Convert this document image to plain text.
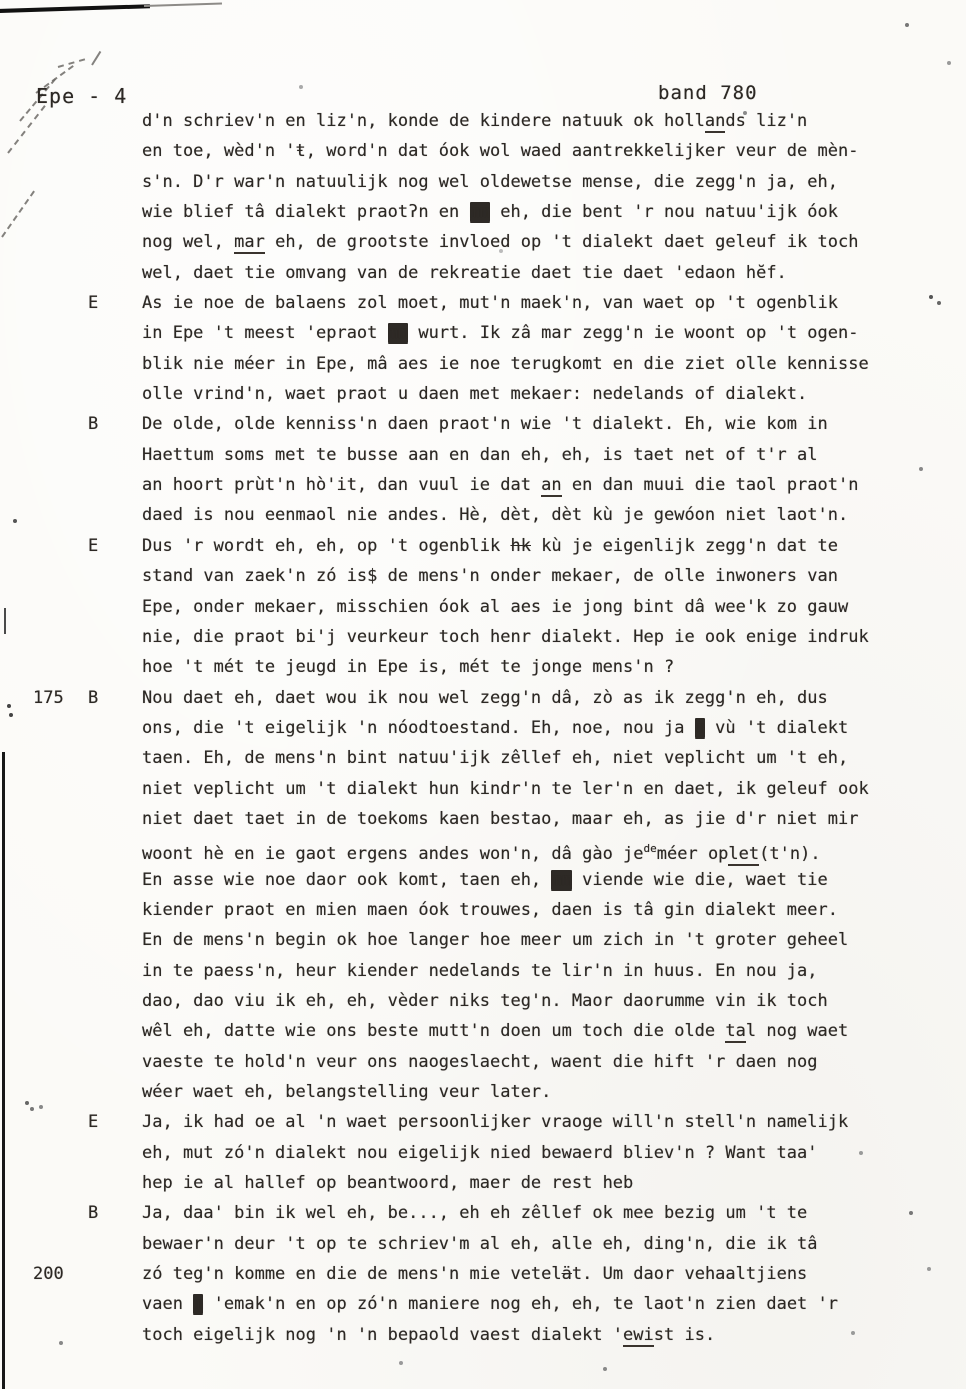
Epe - 4	band 780
d'n schriev'n en liz'n, konde de kindere natuuk ok hollands liz'n
en toe, wèd'n 'ŧ, word'n dat óok wol waed aantrekkelijker veur de mèn-
s'n. D'r war'n natuulijk nog wel oldewetse mense, die zegg'n ja, eh,
wie blief tâ dialekt praotʔn en mm eh, die bent 'r nou natuu'ijk óok
nog wel, mar eh, de grootste invloed op 't dialekt daet geleuf ik toch
wel, daet tie omvang van de rekreatie daet tie daet 'edaon hĕf.
E	As ie noe de balaens zol moet, mut'n maek'n, van waet op 't ogenblik
in Epe 't meest 'epraot mm wurt. Ik zâ mar zegg'n ie woont op 't ogen-
blik nie méer in Epe, mâ aes ie noe terugkomt en die ziet olle kennisse
olle vrind'n, waet praot u daen met mekaer: nedelands of dialekt.
B	De olde, olde kenniss'n daen praot'n wie 't dialekt. Eh, wie kom in
Haettum soms met te busse aan en dan eh, eh, is taet net of t'r al
an hoort prùt'n hò'it, dan vuul ie dat an en dan muui die taol praot'n
daed is nou eenmaol nie andes. Hè, dèt, dèt kù je gewóon niet laot'n.
E	Dus 'r wordt eh, eh, op 't ogenblik hk kù je eigenlijk zegg'n dat te
stand van zaek'n zó is$ de mens'n onder mekaer, de olle inwoners van
Epe, onder mekaer, misschien óok al aes ie jong bint dâ wee'k zo gauw
nie, die praot bi'j veurkeur toch henr dialekt. Hep ie ook enige indruk
hoe 't mét te jeugd in Epe is, mét te jonge mens'n ?
175 B	Nou daet eh, daet wou ik nou wel zegg'n dâ, zò as ik zegg'n eh, dus
ons, die 't eigelijk 'n nóodtoestand. Eh, noe, nou ja m vù 't dialekt
taen. Eh, de mens'n bint natuu'ijk zêllef eh, niet veplicht um 't eh,
niet veplicht um 't dialekt hun kindr'n te ler'n en daet, ik geleuf ook
niet daet taet in de toekoms kaen bestao, maar eh, as jie d'r niet mir
woont hè en ie gaot ergens andes won'n, dâ gào $je^{de}méer$ oplet(t'n).
En asse wie noe daor ook komt, taen eh, mm viende wie die, waet tie
kiender praot en mien maen óok trouwes, daen is tâ gin dialekt meer.
En de mens'n begin ok hoe langer hoe meer um zich in 't groter geheel
in te paess'n, heur kiender nedelands te lir'n in huus. En nou ja,
dao, dao viu ik eh, eh, vèder niks teg'n. Maor daorumme vin ik toch
wêl eh, datte wie ons beste mutt'n doen um toch die olde tal nog waet
vaeste te hold'n veur ons naogeslaecht, waent die hift 'r daen nog
wéer waet eh, belangstelling veur later.
E	Ja, ik had oe al 'n waet persoonlijker vraoge will'n stell'n namelijk
eh, mut zó'n dialekt nou eigelijk nied bewaerd bliev'n ? Want taa'
hep ie al hallef op beantwoord, maer de rest heb
B	Ja, daa' bin ik wel eh, be..., eh eh zêllef ok mee bezig um 't te
bewaer'n deur 't op te schriev'm al eh, alle eh, ding'n, die ik tâ
200	zó teg'n komme en die de mens'n mie vetelät. Um daor vehaaltjiens
vaen m 'emak'n en op zó'n maniere nog eh, eh, te laot'n zien daet 'r
toch eigelijk nog 'n 'n bepaold vaest dialekt 'ewist is.
